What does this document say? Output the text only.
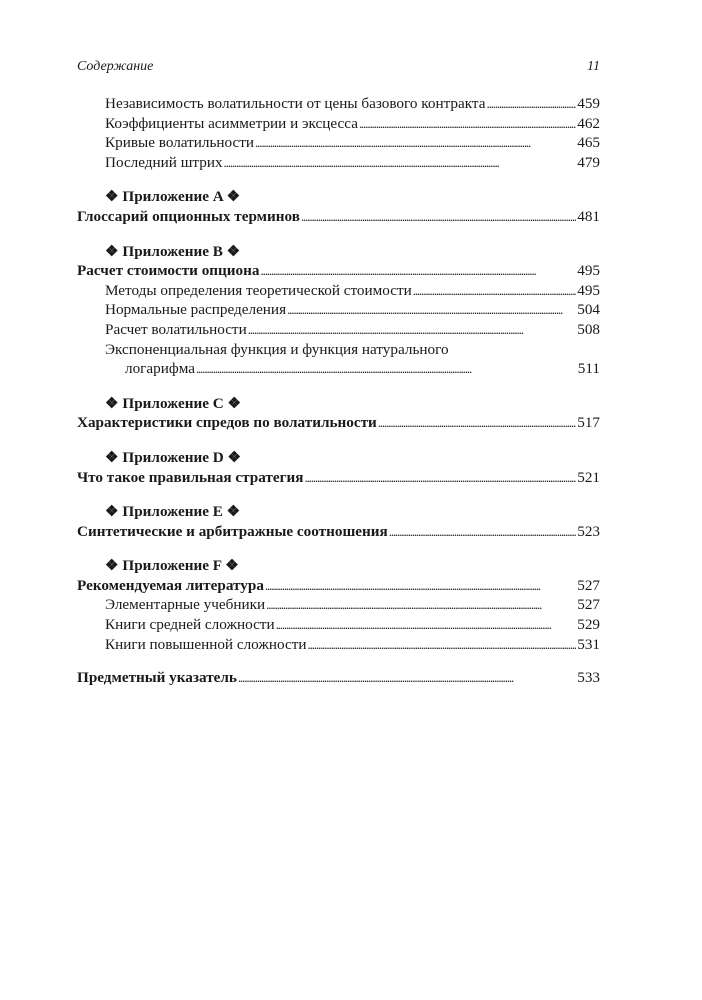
Содержание	11
Независимость волатильности от цены базового контракта . . .	459
Коэффициенты асимметрии и эксцесса . . .	462
Кривые волатильности . . .	465
Последний штрих . . .	479
❖ Приложение A ❖
Глоссарий опционных терминов . . .	481
❖ Приложение B ❖
Расчет стоимости опциона . . .	495
Методы определения теоретической стоимости . . .	495
Нормальные распределения . . .	504
Расчет волатильности . . .	508
Экспоненциальная функция и функция натурального
логарифма . . .	511
❖ Приложение C ❖
Характеристики спредов по волатильности . . .	517
❖ Приложение D ❖
Что такое правильная стратегия . . .	521
❖ Приложение E ❖
Синтетические и арбитражные соотношения . . .	523
❖ Приложение F ❖
Рекомендуемая литература . . .	527
Элементарные учебники . . .	527
Книги средней сложности . . .	529
Книги повышенной сложности . . .	531
Предметный указатель . . .	533
